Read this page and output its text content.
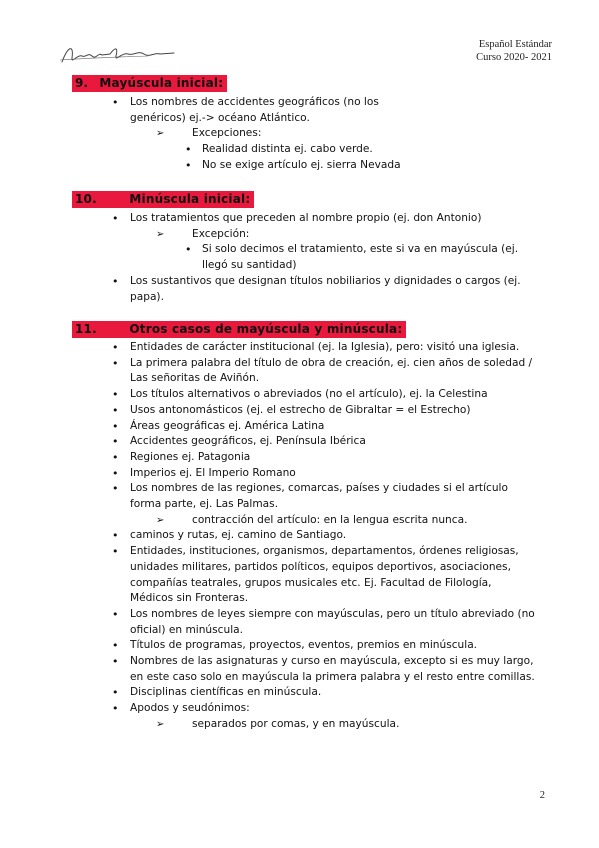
Español Estándar
Curso 2020- 2021
9. Mayúscula inicial:
• Los nombres de accidentes geográficos (no los genéricos) ej.-> océano Atlántico.
➢	Excepciones:
• Realidad distinta ej. cabo verde.
• No se exige artículo ej. sierra Nevada
10.	Minúscula inicial:
• Los tratamientos que preceden al nombre propio (ej. don Antonio)
➢	Excepción:
• Si solo decimos el tratamiento, este si va en mayúscula (ej. llegó su santidad)
• Los sustantivos que designan títulos nobiliarios y dignidades o cargos (ej. papa).
11.	Otros casos de mayúscula y minúscula:
• Entidades de carácter institucional (ej. la Iglesia), pero: visitó una iglesia.
• La primera palabra del título de obra de creación, ej. cien años de soledad / Las señoritas de Aviñón.
• Los títulos alternativos o abreviados (no el artículo), ej. la Celestina
• Usos antonomásticos (ej. el estrecho de Gibraltar = el Estrecho)
• Áreas geográficas ej. América Latina
• Accidentes geográficos, ej. Península Ibérica
• Regiones ej. Patagonia
• Imperios ej. El Imperio Romano
• Los nombres de las regiones, comarcas, países y ciudades si el artículo forma parte, ej. Las Palmas.
➢	contracción del artículo: en la lengua escrita nunca.
• caminos y rutas, ej. camino de Santiago.
• Entidades, instituciones, organismos, departamentos, órdenes religiosas, unidades militares, partidos políticos, equipos deportivos, asociaciones, compañías teatrales, grupos musicales etc. Ej. Facultad de Filología, Médicos sin Fronteras.
• Los nombres de leyes siempre con mayúsculas, pero un título abreviado (no oficial) en minúscula.
• Títulos de programas, proyectos, eventos, premios en minúscula.
• Nombres de las asignaturas y curso en mayúscula, excepto si es muy largo, en este caso solo en mayúscula la primera palabra y el resto entre comillas.
• Disciplinas científicas en minúscula.
• Apodos y seudónimos:
➢	separados por comas, y en mayúscula.
2
